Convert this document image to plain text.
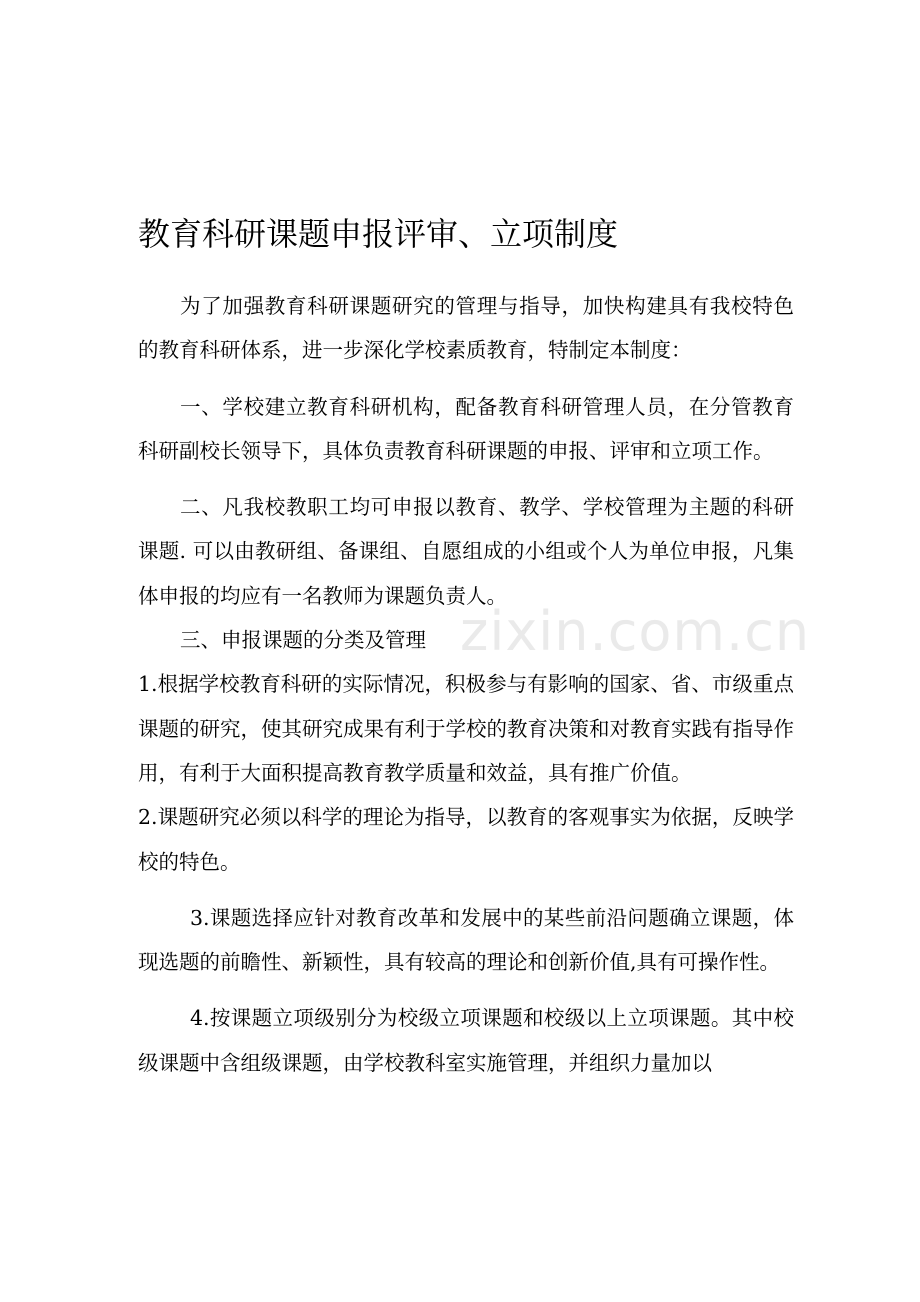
教育科研课题申报评审、立项制度

为了加强教育科研课题研究的管理与指导，加快构建具有我校特色的教育科研体系，进一步深化学校素质教育，特制定本制度：

一、学校建立教育科研机构，配备教育科研管理人员，在分管教育科研副校长领导下，具体负责教育科研课题的申报、评审和立项工作。

二、凡我校教职工均可申报以教育、教学、学校管理为主题的科研课题. 可以由教研组、备课组、自愿组成的小组或个人为单位申报，凡集体申报的均应有一名教师为课题负责人。

三、申报课题的分类及管理

1.根据学校教育科研的实际情况，积极参与有影响的国家、省、市级重点课题的研究，使其研究成果有利于学校的教育决策和对教育实践有指导作用，有利于大面积提高教育教学质量和效益，具有推广价值。

2.课题研究必须以科学的理论为指导，以教育的客观事实为依据，反映学校的特色。

3.课题选择应针对教育改革和发展中的某些前沿问题确立课题，体现选题的前瞻性、新颖性，具有较高的理论和创新价值,具有可操作性。

4.按课题立项级别分为校级立项课题和校级以上立项课题。其中校级课题中含组级课题，由学校教科室实施管理，并组织力量加以

zixin.com.cn
